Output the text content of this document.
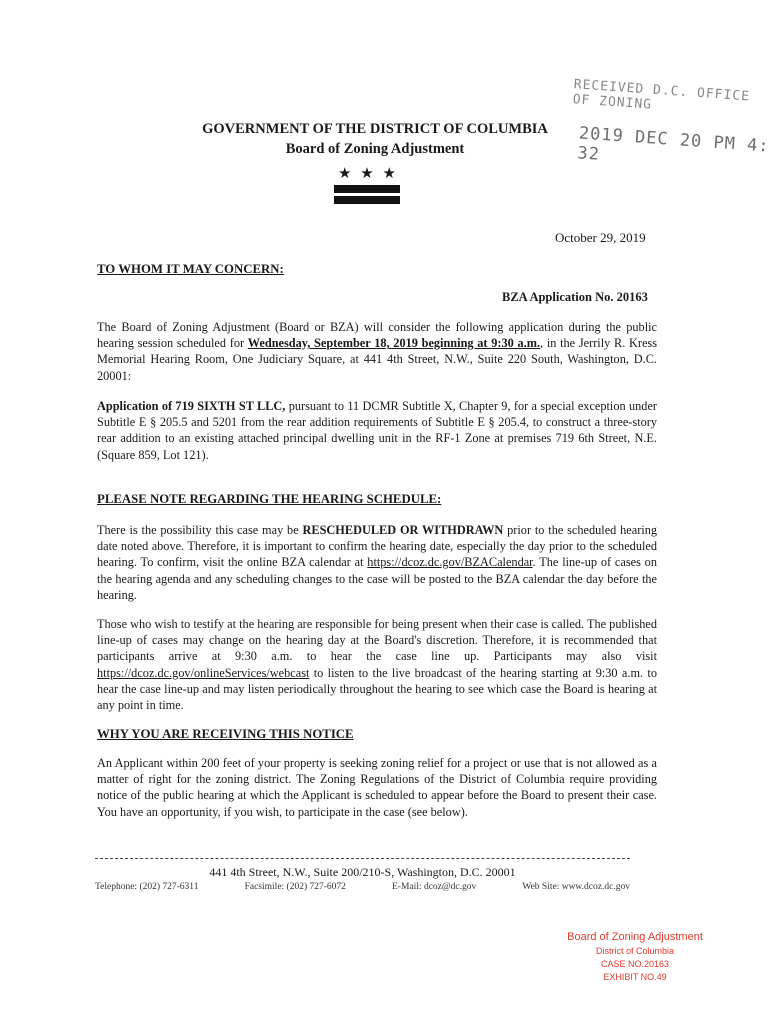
RECEIVED D.C. OFFICE OF ZONING
2019 DEC 20 PM 4: 32
GOVERNMENT OF THE DISTRICT OF COLUMBIA
Board of Zoning Adjustment
★ ★ ★
October 29, 2019
TO WHOM IT MAY CONCERN:
BZA Application No. 20163
The Board of Zoning Adjustment (Board or BZA) will consider the following application during the public hearing session scheduled for Wednesday, September 18, 2019 beginning at 9:30 a.m., in the Jerrily R. Kress Memorial Hearing Room, One Judiciary Square, at 441 4th Street, N.W., Suite 220 South, Washington, D.C. 20001:
Application of 719 SIXTH ST LLC, pursuant to 11 DCMR Subtitle X, Chapter 9, for a special exception under Subtitle E § 205.5 and 5201 from the rear addition requirements of Subtitle E § 205.4, to construct a three-story rear addition to an existing attached principal dwelling unit in the RF-1 Zone at premises 719 6th Street, N.E. (Square 859, Lot 121).
PLEASE NOTE REGARDING THE HEARING SCHEDULE:
There is the possibility this case may be RESCHEDULED OR WITHDRAWN prior to the scheduled hearing date noted above. Therefore, it is important to confirm the hearing date, especially the day prior to the scheduled hearing. To confirm, visit the online BZA calendar at https://dcoz.dc.gov/BZACalendar. The line-up of cases on the hearing agenda and any scheduling changes to the case will be posted to the BZA calendar the day before the hearing.
Those who wish to testify at the hearing are responsible for being present when their case is called. The published line-up of cases may change on the hearing day at the Board's discretion. Therefore, it is recommended that participants arrive at 9:30 a.m. to hear the case line up. Participants may also visit https://dcoz.dc.gov/onlineServices/webcast to listen to the live broadcast of the hearing starting at 9:30 a.m. to hear the case line-up and may listen periodically throughout the hearing to see which case the Board is hearing at any point in time.
WHY YOU ARE RECEIVING THIS NOTICE
An Applicant within 200 feet of your property is seeking zoning relief for a project or use that is not allowed as a matter of right for the zoning district. The Zoning Regulations of the District of Columbia require providing notice of the public hearing at which the Applicant is scheduled to appear before the Board to present their case. You have an opportunity, if you wish, to participate in the case (see below).
441 4th Street, N.W., Suite 200/210-S, Washington, D.C. 20001
Telephone: (202) 727-6311	Facsimile: (202) 727-6072	E-Mail: dcoz@dc.gov	Web Site: www.dcoz.dc.gov
Board of Zoning Adjustment
District of Columbia
CASE NO.20163
EXHIBIT NO.49
